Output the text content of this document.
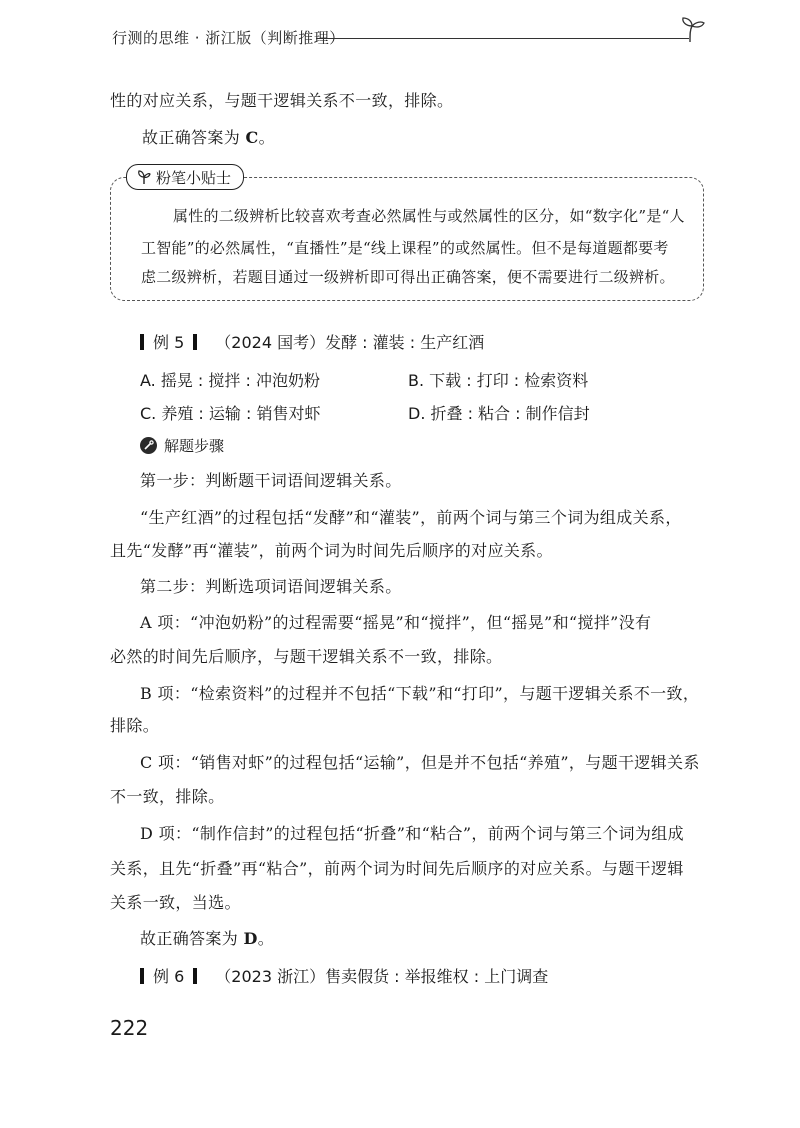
行测的思维 · 浙江版（判断推理）
性的对应关系，与题干逻辑关系不一致，排除。
故正确答案为 C。
粉笔小贴士
属性的二级辨析比较喜欢考查必然属性与或然属性的区分，如“数字化”是“人
工智能”的必然属性，“直播性”是“线上课程”的或然属性。但不是每道题都要考
虑二级辨析，若题目通过一级辨析即可得出正确答案，便不需要进行二级辨析。
例 5 （2024 国考） 发酵 : 灌装 : 生产红酒
A. 摇晃 : 搅拌 : 冲泡奶粉	B. 下载 : 打印 : 检索资料
C. 养殖 : 运输 : 销售对虾	D. 折叠 : 粘合 : 制作信封
解题步骤
第一步：判断题干词语间逻辑关系。
“生产红酒”的过程包括“发酵”和“灌装”，前两个词与第三个词为组成关系，
且先“发酵”再“灌装”，前两个词为时间先后顺序的对应关系。
第二步：判断选项词语间逻辑关系。
A 项：“冲泡奶粉”的过程需要“摇晃”和“搅拌”，但“摇晃”和“搅拌”没有
必然的时间先后顺序，与题干逻辑关系不一致，排除。
B 项：“检索资料”的过程并不包括“下载”和“打印”，与题干逻辑关系不一致，
排除。
C 项：“销售对虾”的过程包括“运输”，但是并不包括“养殖”，与题干逻辑关系
不一致，排除。
D 项：“制作信封”的过程包括“折叠”和“粘合”，前两个词与第三个词为组成
关系，且先“折叠”再“粘合”，前两个词为时间先后顺序的对应关系。与题干逻辑
关系一致，当选。
故正确答案为 D。
例 6 （2023 浙江） 售卖假货 : 举报维权 : 上门调查
222
